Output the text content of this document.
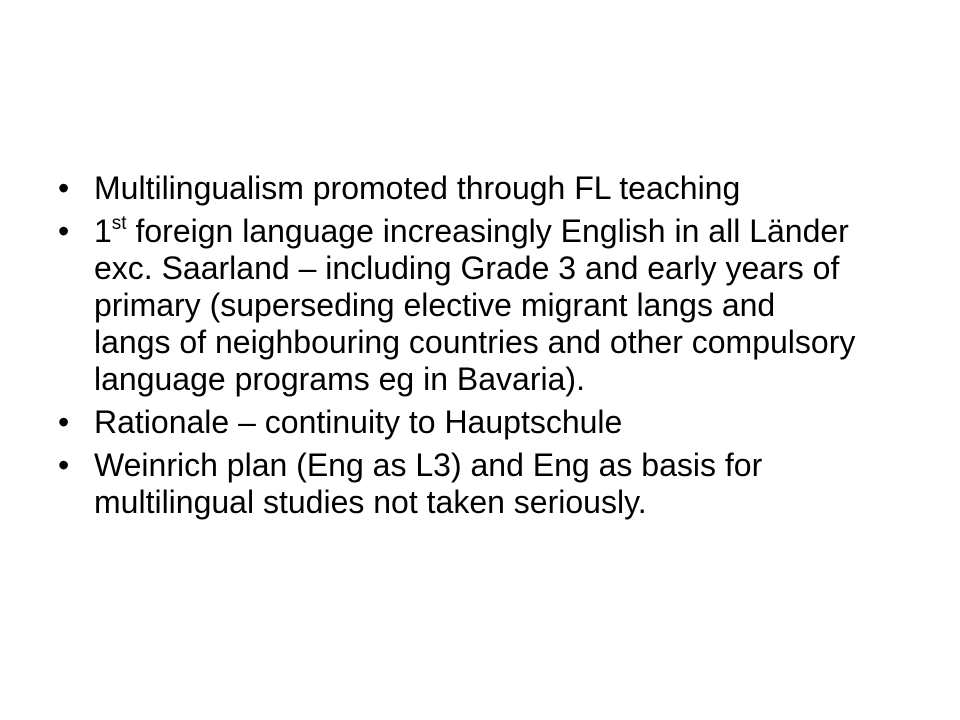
• Multilingualism promoted through FL teaching
• 1st foreign language increasingly English in all Länder exc. Saarland – including Grade 3 and early years of primary (superseding elective migrant langs and langs of neighbouring countries and other compulsory language programs eg in Bavaria).
• Rationale – continuity to Hauptschule
• Weinrich plan (Eng as L3) and Eng as basis for multilingual studies not taken seriously.
